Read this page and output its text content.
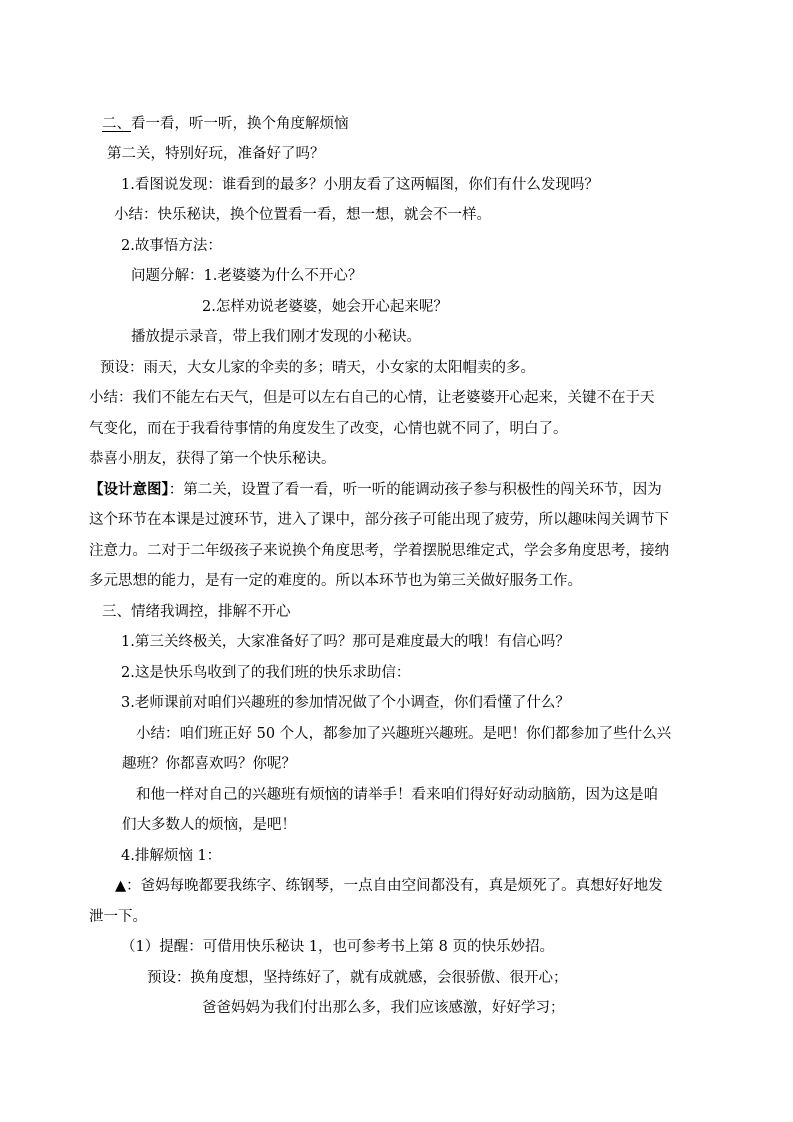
二、看一看，听一听，换个角度解烦恼
第二关，特别好玩，准备好了吗？
1.看图说发现：谁看到的最多？小朋友看了这两幅图，你们有什么发现吗？
小结：快乐秘诀，换个位置看一看，想一想，就会不一样。
2.故事悟方法：
问题分解：1.老婆婆为什么不开心？
2.怎样劝说老婆婆，她会开心起来呢？
播放提示录音，带上我们刚才发现的小秘诀。
预设：雨天，大女儿家的伞卖的多；晴天，小女家的太阳帽卖的多。
小结：我们不能左右天气，但是可以左右自己的心情，让老婆婆开心起来，关键不在于天
气变化，而在于我看待事情的角度发生了改变，心情也就不同了，明白了。
恭喜小朋友，获得了第一个快乐秘诀。
【设计意图】：第二关，设置了看一看，听一听的能调动孩子参与积极性的闯关环节，因为
这个环节在本课是过渡环节，进入了课中，部分孩子可能出现了疲劳，所以趣味闯关调节下
注意力。二对于二年级孩子来说换个角度思考，学着摆脱思维定式，学会多角度思考，接纳
多元思想的能力，是有一定的难度的。所以本环节也为第三关做好服务工作。
三、情绪我调控，排解不开心
1.第三关终极关，大家准备好了吗？那可是难度最大的哦！有信心吗？
2.这是快乐鸟收到了的我们班的快乐求助信：
3.老师课前对咱们兴趣班的参加情况做了个小调查，你们看懂了什么？
小结：咱们班正好 50 个人，都参加了兴趣班兴趣班。是吧！你们都参加了些什么兴
趣班？你都喜欢吗？你呢？
和他一样对自己的兴趣班有烦恼的请举手！看来咱们得好好动动脑筋，因为这是咱
们大多数人的烦恼，是吧！
4.排解烦恼 1：
▲：爸妈每晚都要我练字、练钢琴，一点自由空间都没有，真是烦死了。真想好好地发
泄一下。
（1）提醒：可借用快乐秘诀 1，也可参考书上第 8 页的快乐妙招。
预设：换角度想，坚持练好了，就有成就感，会很骄傲、很开心；
爸爸妈妈为我们付出那么多，我们应该感激，好好学习；
